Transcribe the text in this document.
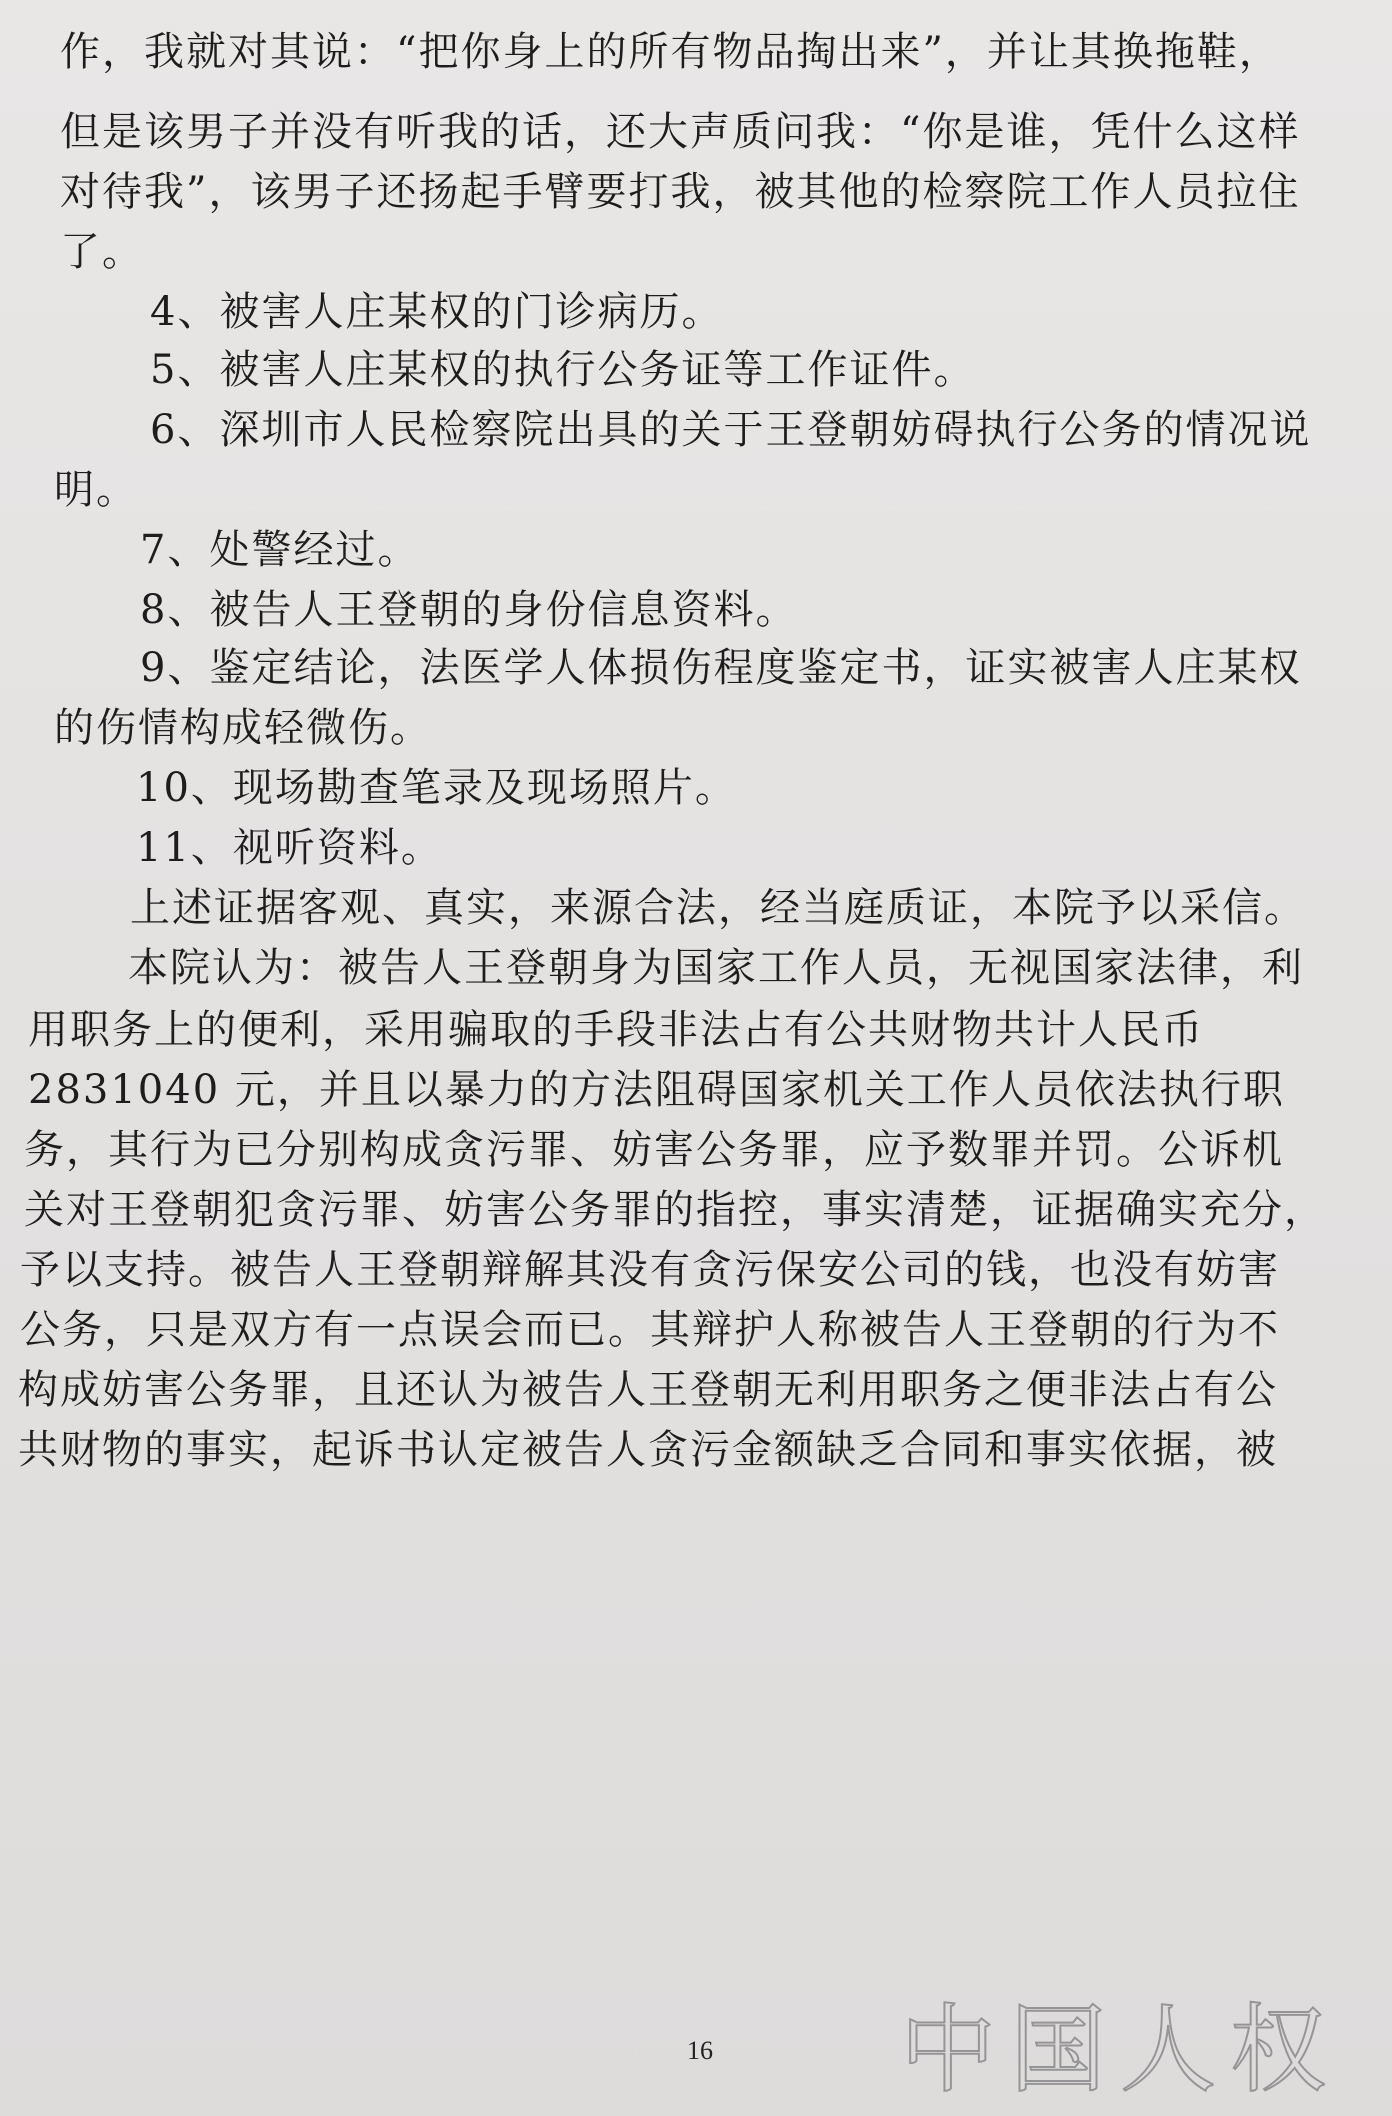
作，我就对其说：“把你身上的所有物品掏出来”，并让其换拖鞋，
但是该男子并没有听我的话，还大声质问我：“你是谁，凭什么这样
对待我”，该男子还扬起手臂要打我，被其他的检察院工作人员拉住
了。
4、被害人庄某权的门诊病历。
5、被害人庄某权的执行公务证等工作证件。
6、深圳市人民检察院出具的关于王登朝妨碍执行公务的情况说
明。
7、处警经过。
8、被告人王登朝的身份信息资料。
9、鉴定结论，法医学人体损伤程度鉴定书，证实被害人庄某权
的伤情构成轻微伤。
10、现场勘查笔录及现场照片。
11、视听资料。
上述证据客观、真实，来源合法，经当庭质证，本院予以采信。
本院认为：被告人王登朝身为国家工作人员，无视国家法律，利
用职务上的便利，采用骗取的手段非法占有公共财物共计人民币
2831040 元，并且以暴力的方法阻碍国家机关工作人员依法执行职
务，其行为已分别构成贪污罪、妨害公务罪，应予数罪并罚。公诉机
关对王登朝犯贪污罪、妨害公务罪的指控，事实清楚，证据确实充分，
予以支持。被告人王登朝辩解其没有贪污保安公司的钱，也没有妨害
公务，只是双方有一点误会而已。其辩护人称被告人王登朝的行为不
构成妨害公务罪，且还认为被告人王登朝无利用职务之便非法占有公
共财物的事实，起诉书认定被告人贪污金额缺乏合同和事实依据，被
16 中国人权
